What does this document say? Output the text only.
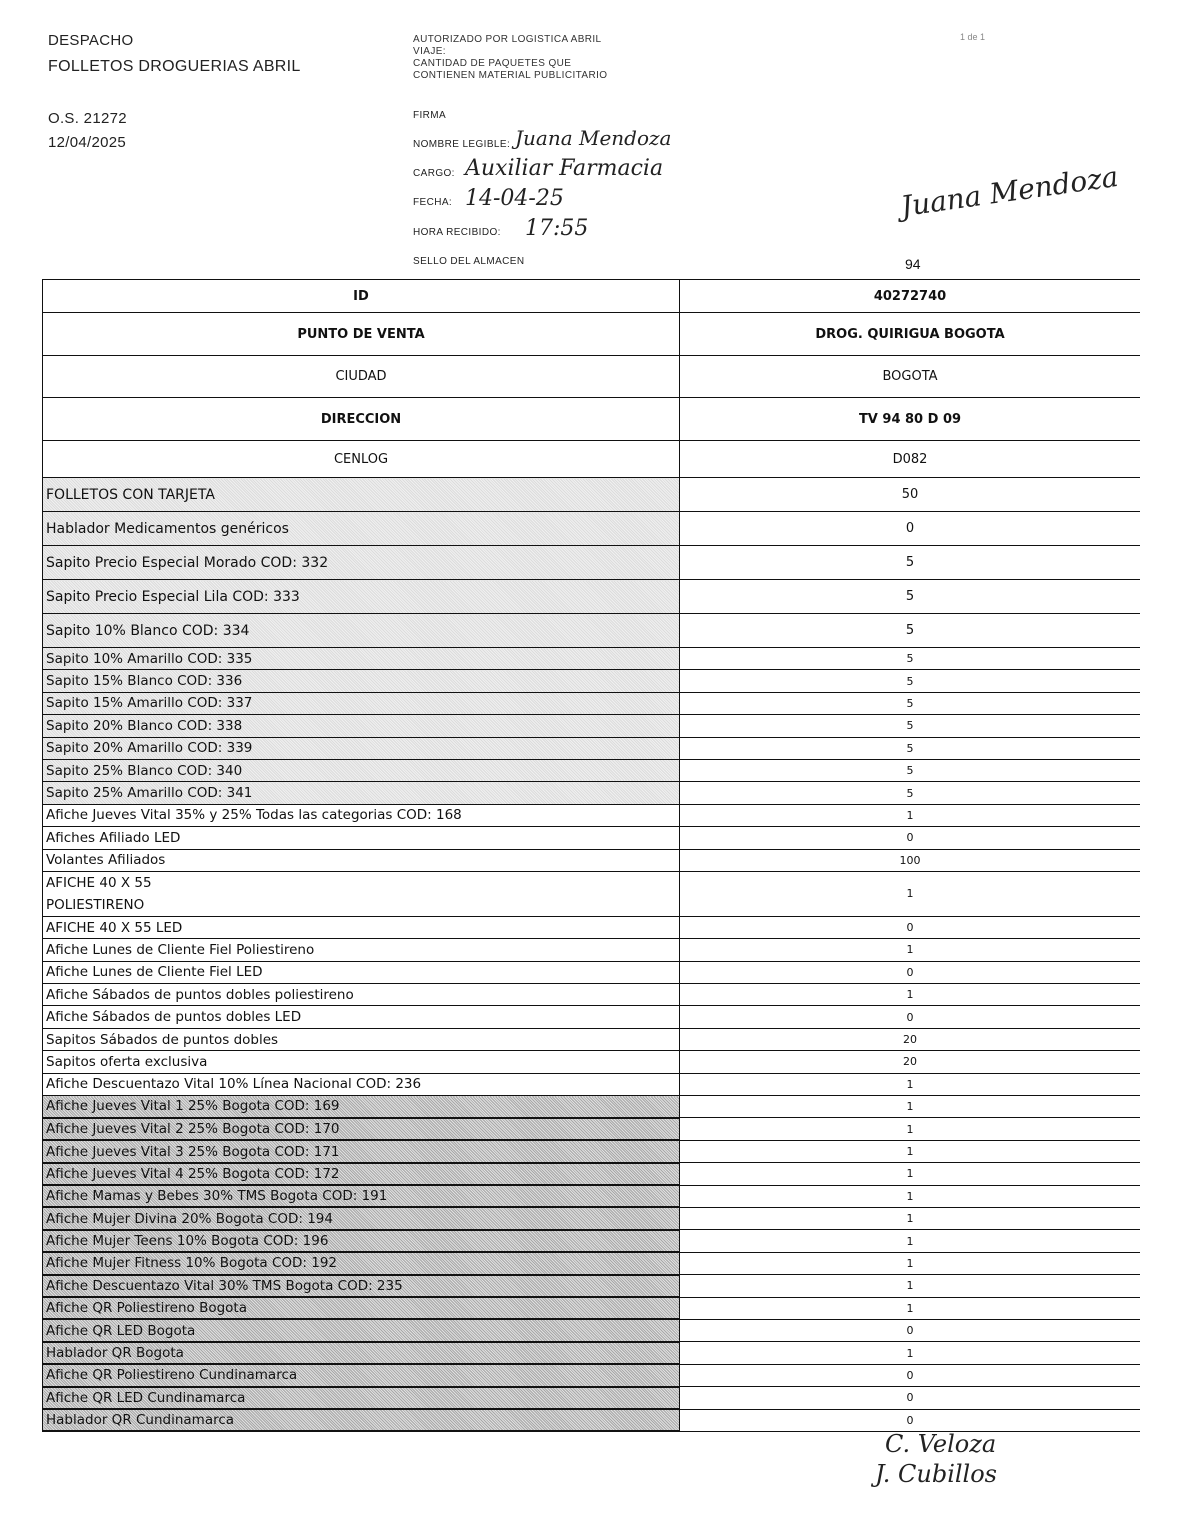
DESPACHO
FOLLETOS DROGUERIAS ABRIL
O.S. 21272
12/04/2025
1 de 1
AUTORIZADO POR LOGISTICA ABRIL
VIAJE:
CANTIDAD DE PAQUETES QUE
CONTIENEN MATERIAL PUBLICITARIO
FIRMA
NOMBRE LEGIBLE: Juana Mendoza
CARGO: Auxiliar Farmacia
FECHA: 14-04-25
HORA RECIBIDO: 17:55
SELLO DEL ALMACEN
Juana Mendoza
94
ID	40272740
PUNTO DE VENTA	DROG. QUIRIGUA BOGOTA
CIUDAD	BOGOTA
DIRECCION	TV 94 80 D 09
CENLOG	D082
FOLLETOS CON TARJETA	50
Hablador Medicamentos genéricos	0
Sapito Precio Especial Morado COD: 332	5
Sapito Precio Especial Lila COD: 333	5
Sapito 10% Blanco COD: 334	5
Sapito 10% Amarillo COD: 335	5
Sapito 15% Blanco COD: 336	5
Sapito 15% Amarillo COD: 337	5
Sapito 20% Blanco COD: 338	5
Sapito 20% Amarillo COD: 339	5
Sapito 25% Blanco COD: 340	5
Sapito 25% Amarillo COD: 341	5
Afiche Jueves Vital 35% y 25% Todas las categorias COD: 168	1
Afiches Afiliado LED	0
Volantes Afiliados	100
AFICHE 40 X 55
POLIESTIRENO	1
AFICHE 40 X 55 LED	0
Afiche Lunes de Cliente Fiel Poliestireno	1
Afiche Lunes de Cliente Fiel LED	0
Afiche Sábados de puntos dobles poliestireno	1
Afiche Sábados de puntos dobles LED	0
Sapitos Sábados de puntos dobles	20
Sapitos oferta exclusiva	20
Afiche Descuentazo Vital 10% Línea Nacional COD: 236	1
Afiche Jueves Vital 1 25% Bogota COD: 169	1
Afiche Jueves Vital 2 25% Bogota COD: 170	1
Afiche Jueves Vital 3 25% Bogota COD: 171	1
Afiche Jueves Vital 4 25% Bogota COD: 172	1
Afiche Mamas y Bebes 30% TMS Bogota COD: 191	1
Afiche Mujer Divina 20% Bogota COD: 194	1
Afiche Mujer Teens 10% Bogota COD: 196	1
Afiche Mujer Fitness 10% Bogota COD: 192	1
Afiche Descuentazo Vital 30% TMS Bogota COD: 235	1
Afiche QR Poliestireno Bogota	1
Afiche QR LED Bogota	0
Hablador QR Bogota	1
Afiche QR Poliestireno Cundinamarca	0
Afiche QR LED Cundinamarca	0
Hablador QR Cundinamarca	0
C. Veloza
J. Cubillos
